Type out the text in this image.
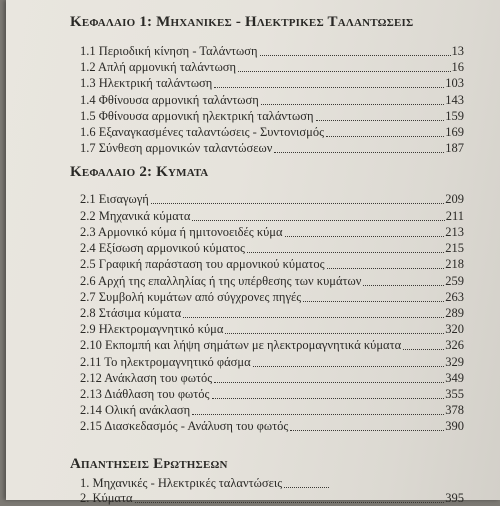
Κεφαλαιο 1: Μηχανικες - Ηλεκτρικες Ταλαντωσεις
1.1 Περιοδική κίνηση - Ταλάντωση	13
1.2 Απλή αρμονική ταλάντωση	16
1.3 Ηλεκτρική ταλάντωση	103
1.4 Φθίνουσα αρμονική ταλάντωση	143
1.5 Φθίνουσα αρμονική ηλεκτρική ταλάντωση	159
1.6 Εξαναγκασμένες ταλαντώσεις - Συντονισμός	169
1.7 Σύνθεση αρμονικών ταλαντώσεων	187
Κεφαλαιο 2: Κυματα
2.1 Εισαγωγή	209
2.2 Μηχανικά κύματα	211
2.3 Αρμονικό κύμα ή ημιτονοειδές κύμα	213
2.4 Εξίσωση αρμονικού κύματος	215
2.5 Γραφική παράσταση του αρμονικού κύματος	218
2.6 Αρχή της επαλληλίας ή της υπέρθεσης των κυμάτων	259
2.7 Συμβολή κυμάτων από σύγχρονες πηγές	263
2.8 Στάσιμα κύματα	289
2.9 Ηλεκτρομαγνητικό κύμα	320
2.10 Εκπομπή και λήψη σημάτων με ηλεκτρομαγνητικά κύματα	326
2.11 Το ηλεκτρομαγνητικό φάσμα	329
2.12 Ανάκλαση του φωτός	349
2.13 Διάθλαση του φωτός	355
2.14 Ολική ανάκλαση	378
2.15 Διασκεδασμός - Ανάλυση του φωτός	390
Απαντησεις Ερωτησεων
1. Μηχανικές - Ηλεκτρικές ταλαντώσεις
2. Κύματα	395
